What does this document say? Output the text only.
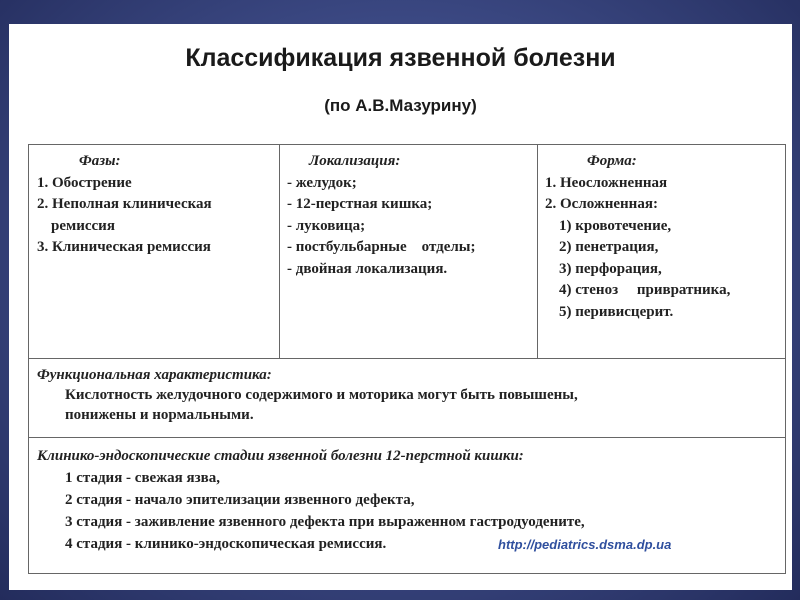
Классификация язвенной болезни
(по А.В.Мазурину)
Фазы:
1. Обострение
2. Неполная клиническая
ремиссия
3. Клиническая ремиссия
Локализация:
- желудок;
- 12-перстная кишка;
- луковица;
- постбульбарные    отделы;
- двойная локализация.
Форма:
1. Неосложненная
2. Осложненная:
1) кровотечение,
2) пенетрация,
3) перфорация,
4) стеноз     привратника,
5) перивисцерит.
Функциональная характеристика:
Кислотность желудочного содержимого и моторика могут быть повышены,
понижены и нормальными.
Клинико-эндоскопические стадии язвенной болезни 12-перстной кишки:
1 стадия - свежая язва,
2 стадия - начало эпителизации язвенного дефекта,
3 стадия - заживление язвенного дефекта при выраженном гастродуодените,
4 стадия - клинико-эндоскопическая ремиссия.	http://pediatrics.dsma.dp.ua
